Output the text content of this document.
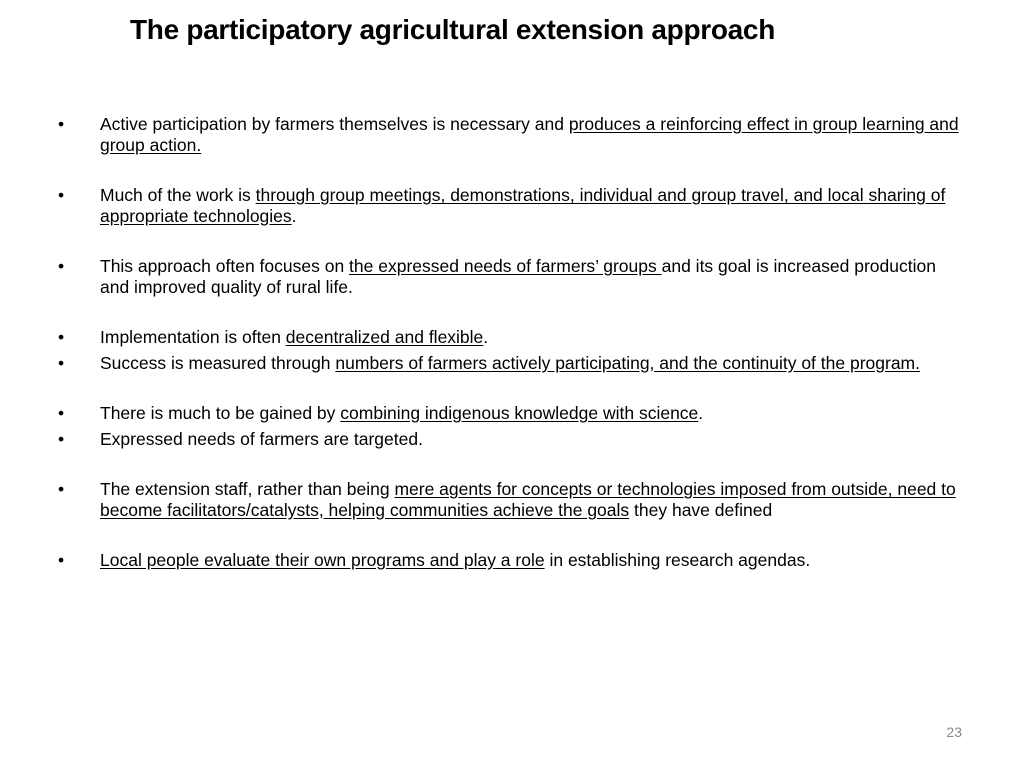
The participatory agricultural extension approach
•	Active participation by farmers themselves is necessary and produces a reinforcing effect in group learning and group action.
•	Much of the work is through group meetings, demonstrations, individual and group travel, and local sharing of appropriate technologies.
•	This approach often focuses on the expressed needs of farmers’ groups and its goal is increased production and improved quality of rural life.
•	Implementation is often decentralized and flexible.
•	Success is measured through numbers of farmers actively participating, and the continuity of the program.
•	There is much to be gained by combining indigenous knowledge with science.
•	Expressed needs of farmers are targeted.
•	The extension staff, rather than being mere agents for concepts or technologies imposed from outside, need to become facilitators/catalysts, helping communities achieve the goals they have defined
•	Local people evaluate their own programs and play a role in establishing research agendas.
23
